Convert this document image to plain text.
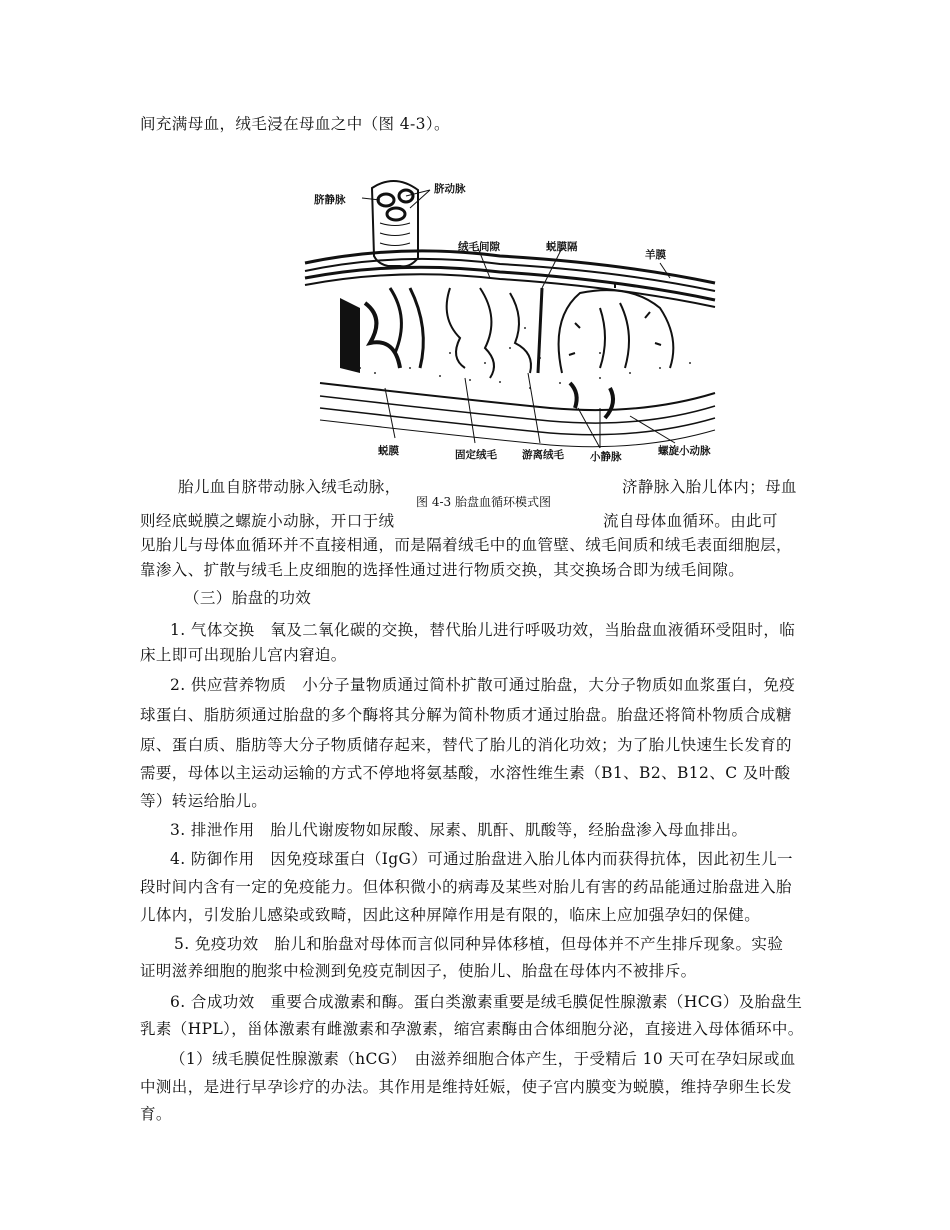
间充满母血，绒毛浸在母血之中（图 4-3）。
脐静脉
脐动脉
绒毛间隙	蜕膜隔
羊膜
蜕膜	固定绒毛 游离绒毛 小静脉	螺旋小动脉
胎儿血自脐带动脉入绒毛动脉，	济静脉入胎儿体内；母血
图 4-3 胎盘血循环模式图
则经底蜕膜之螺旋小动脉，开口于绒	流自母体血循环。由此可
见胎儿与母体血循环并不直接相通，而是隔着绒毛中的血管壁、绒毛间质和绒毛表面细胞层，
靠渗入、扩散与绒毛上皮细胞的选择性通过进行物质交换，其交换场合即为绒毛间隙。
（三）胎盘的功效
1. 气体交换　氧及二氧化碳的交换，替代胎儿进行呼吸功效，当胎盘血液循环受阻时，临
床上即可出现胎儿宫内窘迫。
2. 供应营养物质　小分子量物质通过简朴扩散可通过胎盘，大分子物质如血浆蛋白，免疫
球蛋白、脂肪须通过胎盘的多个酶将其分解为简朴物质才通过胎盘。胎盘还将简朴物质合成糖
原、蛋白质、脂肪等大分子物质储存起来，替代了胎儿的消化功效；为了胎儿快速生长发育的
需要，母体以主运动运输的方式不停地将氨基酸，水溶性维生素（B1、B2、B12、C 及叶酸
等）转运给胎儿。
3. 排泄作用　胎儿代谢废物如尿酸、尿素、肌酐、肌酸等，经胎盘渗入母血排出。
4. 防御作用　因免疫球蛋白（IgG）可通过胎盘进入胎儿体内而获得抗体，因此初生儿一
段时间内含有一定的免疫能力。但体积微小的病毒及某些对胎儿有害的药品能通过胎盘进入胎
儿体内，引发胎儿感染或致畸，因此这种屏障作用是有限的，临床上应加强孕妇的保健。
5. 免疫功效　胎儿和胎盘对母体而言似同种异体移植，但母体并不产生排斥现象。实验
证明滋养细胞的胞浆中检测到免疫克制因子，使胎儿、胎盘在母体内不被排斥。
6. 合成功效　重要合成激素和酶。蛋白类激素重要是绒毛膜促性腺激素（HCG）及胎盘生
乳素（HPL），甾体激素有雌激素和孕激素，缩宫素酶由合体细胞分泌，直接进入母体循环中。
（1）绒毛膜促性腺激素（hCG）　由滋养细胞合体产生，于受精后 10 天可在孕妇尿或血
中测出，是进行早孕诊疗的办法。其作用是维持妊娠，使子宫内膜变为蜕膜，维持孕卵生长发
育。
